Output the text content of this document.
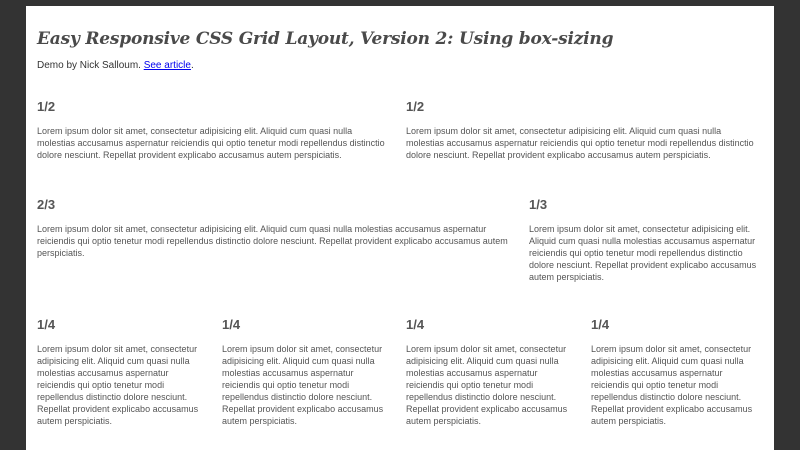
Easy Responsive CSS Grid Layout, Version 2: Using box-sizing

Demo by Nick Salloum. See article.

1/2

Lorem ipsum dolor sit amet, consectetur adipisicing elit. Aliquid cum quasi nulla molestias accusamus aspernatur reiciendis qui optio tenetur modi repellendus distinctio dolore nesciunt. Repellat provident explicabo accusamus autem perspiciatis.

1/2

Lorem ipsum dolor sit amet, consectetur adipisicing elit. Aliquid cum quasi nulla molestias accusamus aspernatur reiciendis qui optio tenetur modi repellendus distinctio dolore nesciunt. Repellat provident explicabo accusamus autem perspiciatis.

2/3

Lorem ipsum dolor sit amet, consectetur adipisicing elit. Aliquid cum quasi nulla molestias accusamus aspernatur reiciendis qui optio tenetur modi repellendus distinctio dolore nesciunt. Repellat provident explicabo accusamus autem perspiciatis.

1/3

Lorem ipsum dolor sit amet, consectetur adipisicing elit. Aliquid cum quasi nulla molestias accusamus aspernatur reiciendis qui optio tenetur modi repellendus distinctio dolore nesciunt. Repellat provident explicabo accusamus autem perspiciatis.

1/4

Lorem ipsum dolor sit amet, consectetur adipisicing elit. Aliquid cum quasi nulla molestias accusamus aspernatur reiciendis qui optio tenetur modi repellendus distinctio dolore nesciunt. Repellat provident explicabo accusamus autem perspiciatis.

1/4

Lorem ipsum dolor sit amet, consectetur adipisicing elit. Aliquid cum quasi nulla molestias accusamus aspernatur reiciendis qui optio tenetur modi repellendus distinctio dolore nesciunt. Repellat provident explicabo accusamus autem perspiciatis.

1/4

Lorem ipsum dolor sit amet, consectetur adipisicing elit. Aliquid cum quasi nulla molestias accusamus aspernatur reiciendis qui optio tenetur modi repellendus distinctio dolore nesciunt. Repellat provident explicabo accusamus autem perspiciatis.

1/4

Lorem ipsum dolor sit amet, consectetur adipisicing elit. Aliquid cum quasi nulla molestias accusamus aspernatur reiciendis qui optio tenetur modi repellendus distinctio dolore nesciunt. Repellat provident explicabo accusamus autem perspiciatis.
